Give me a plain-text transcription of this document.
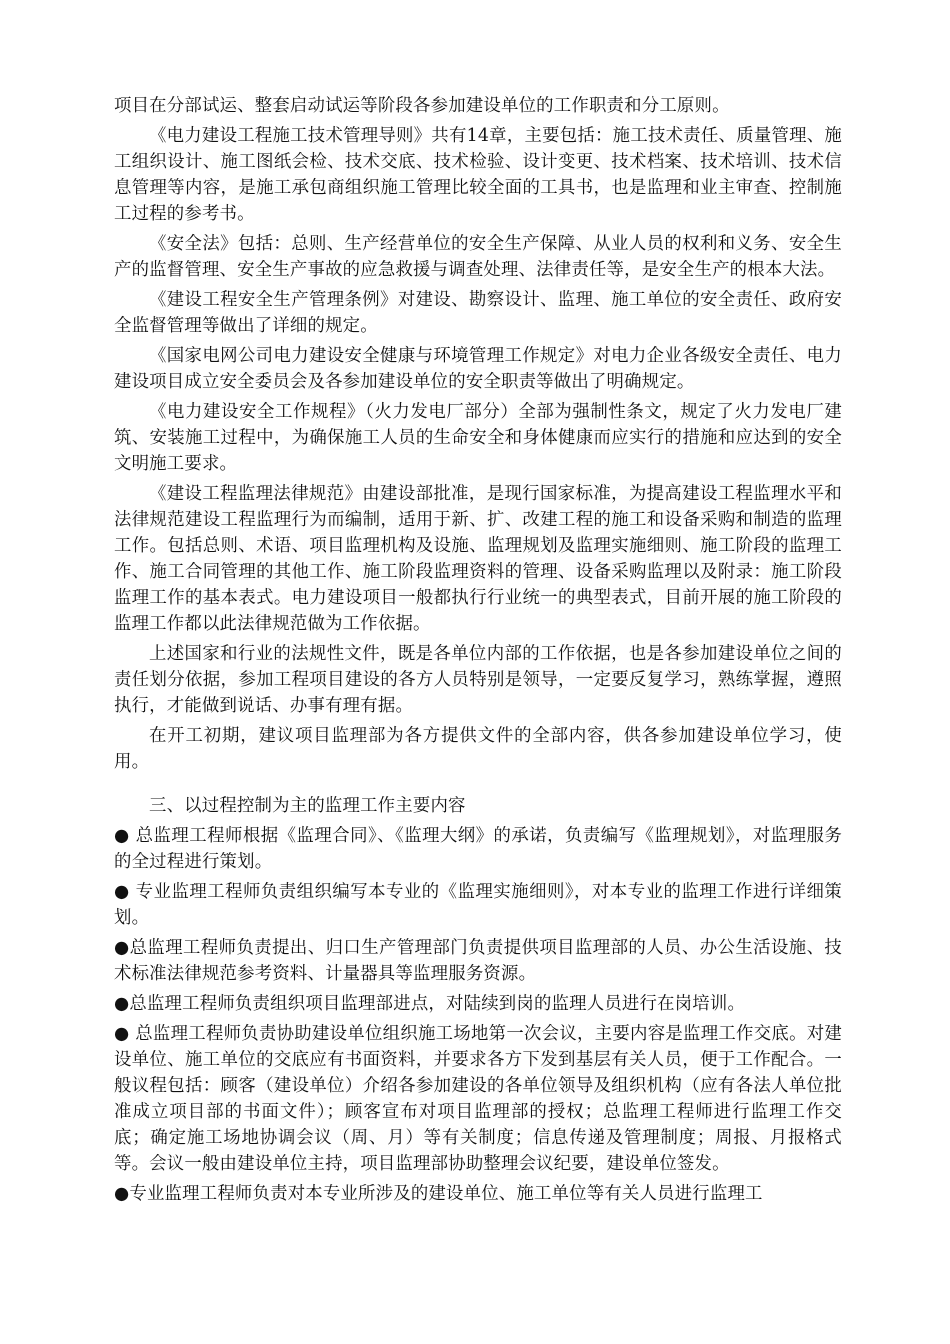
项目在分部试运、整套启动试运等阶段各参加建设单位的工作职责和分工原则。

《电力建设工程施工技术管理导则》共有14章，主要包括：施工技术责任、质量管理、施工组织设计、施工图纸会检、技术交底、技术检验、设计变更、技术档案、技术培训、技术信息管理等内容，是施工承包商组织施工管理比较全面的工具书，也是监理和业主审查、控制施工过程的参考书。

《安全法》包括：总则、生产经营单位的安全生产保障、从业人员的权利和义务、安全生产的监督管理、安全生产事故的应急救援与调查处理、法律责任等，是安全生产的根本大法。

《建设工程安全生产管理条例》对建设、勘察设计、监理、施工单位的安全责任、政府安全监督管理等做出了详细的规定。

《国家电网公司电力建设安全健康与环境管理工作规定》对电力企业各级安全责任、电力建设项目成立安全委员会及各参加建设单位的安全职责等做出了明确规定。

《电力建设安全工作规程》（火力发电厂部分）全部为强制性条文，规定了火力发电厂建筑、安装施工过程中，为确保施工人员的生命安全和身体健康而应实行的措施和应达到的安全文明施工要求。

《建设工程监理法律规范》由建设部批准，是现行国家标准，为提高建设工程监理水平和法律规范建设工程监理行为而编制，适用于新、扩、改建工程的施工和设备采购和制造的监理工作。包括总则、术语、项目监理机构及设施、监理规划及监理实施细则、施工阶段的监理工作、施工合同管理的其他工作、施工阶段监理资料的管理、设备采购监理以及附录：施工阶段监理工作的基本表式。电力建设项目一般都执行行业统一的典型表式，目前开展的施工阶段的监理工作都以此法律规范做为工作依据。

上述国家和行业的法规性文件，既是各单位内部的工作依据，也是各参加建设单位之间的责任划分依据，参加工程项目建设的各方人员特别是领导，一定要反复学习，熟练掌握，遵照执行，才能做到说话、办事有理有据。

在开工初期，建议项目监理部为各方提供文件的全部内容，供各参加建设单位学习，使用。

三、以过程控制为主的监理工作主要内容

● 总监理工程师根据《监理合同》、《监理大纲》的承诺，负责编写《监理规划》，对监理服务的全过程进行策划。

● 专业监理工程师负责组织编写本专业的《监理实施细则》，对本专业的监理工作进行详细策划。

●总监理工程师负责提出、归口生产管理部门负责提供项目监理部的人员、办公生活设施、技术标准法律规范参考资料、计量器具等监理服务资源。

●总监理工程师负责组织项目监理部进点，对陆续到岗的监理人员进行在岗培训。

● 总监理工程师负责协助建设单位组织施工场地第一次会议，主要内容是监理工作交底。对建设单位、施工单位的交底应有书面资料，并要求各方下发到基层有关人员，便于工作配合。一般议程包括：顾客（建设单位）介绍各参加建设的各单位领导及组织机构（应有各法人单位批准成立项目部的书面文件）；顾客宣布对项目监理部的授权；总监理工程师进行监理工作交底；确定施工场地协调会议（周、月）等有关制度；信息传递及管理制度；周报、月报格式等。会议一般由建设单位主持，项目监理部协助整理会议纪要，建设单位签发。

●专业监理工程师负责对本专业所涉及的建设单位、施工单位等有关人员进行监理工
